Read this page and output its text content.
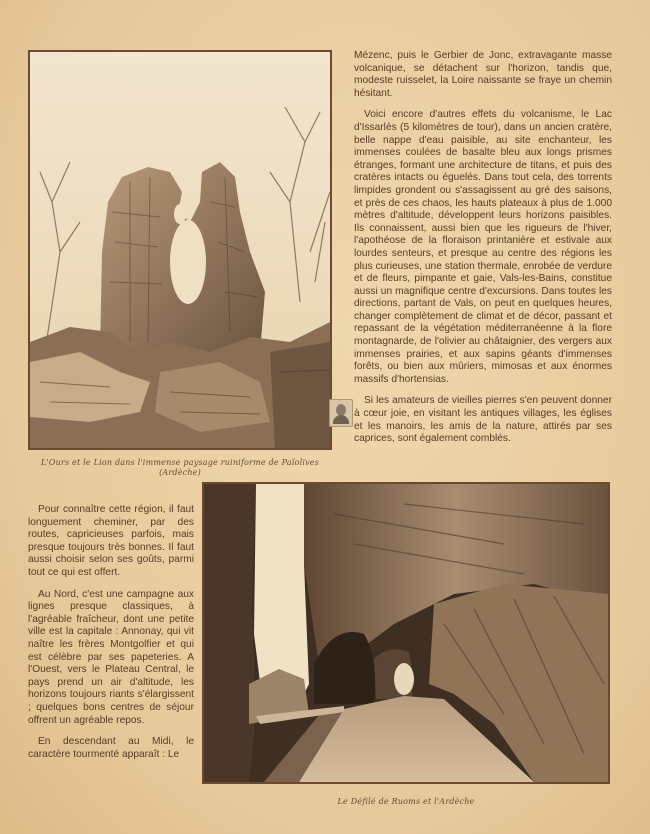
L'Ours et le Lion dans l'immense paysage ruiniforme de Païolives (Ardèche)

Mézenc, puis le Gerbier de Jonc, extravagante masse volcanique, se détachent sur l'horizon, tandis que, modeste ruisselet, la Loire naissante se fraye un chemin hésitant.

Voici encore d'autres effets du volcanisme, le Lac d'Issarlès (5 kilomètres de tour), dans un ancien cratère, belle nappe d'eau paisible, au site enchanteur, les immenses coulées de basalte bleu aux longs prismes étranges, formant une architecture de titans, et puis des cratères intacts ou éguelés. Dans tout cela, des torrents limpides grondent ou s'assagissent au gré des saisons, et près de ces chaos, les hauts plateaux à plus de 1.000 mètres d'altitude, développent leurs horizons paisibles. Ils connaissent, aussi bien que les rigueurs de l'hiver, l'apothéose de la floraison printanière et estivale aux lourdes senteurs, et presque au centre des régions les plus curieuses, une station thermale, enrobée de verdure et de fleurs, pimpante et gaie, Vals-les-Bains, constitue aussi un magnifique centre d'excursions. Dans toutes les directions, partant de Vals, on peut en quelques heures, changer complètement de climat et de décor, passant et repassant de la végétation méditerranéenne à la flore montagnarde, de l'olivier au châtaignier, des vergers aux immenses prairies, et aux sapins géants d'immenses forêts, ou bien aux mûriers, mimosas et aux énormes massifs d'hortensias.

Si les amateurs de vieilles pierres s'en peuvent donner à cœur joie, en visitant les antiques villages, les églises et les manoirs, les amis de la nature, attirés par ses caprices, sont également comblés.

Pour connaître cette région, il faut longuement cheminer, par des routes, capricieuses parfois, mais presque toujours très bonnes. Il faut aussi choisir selon ses goûts, parmi tout ce qui est offert.

Au Nord, c'est une campagne aux lignes presque classiques, à l'agréable fraîcheur, dont une petite ville est la capitale : Annonay, qui vit naître les frères Montgolfier et qui est célèbre par ses papeteries. A l'Ouest, vers le Plateau Central, le pays prend un air d'altitude, les horizons toujours riants s'élargissent ; quelques bons centres de séjour offrent un agréable repos.

En descendant au Midi, le caractère tourmenté apparaît : Le

Le Défilé de Ruoms et l'Ardèche
